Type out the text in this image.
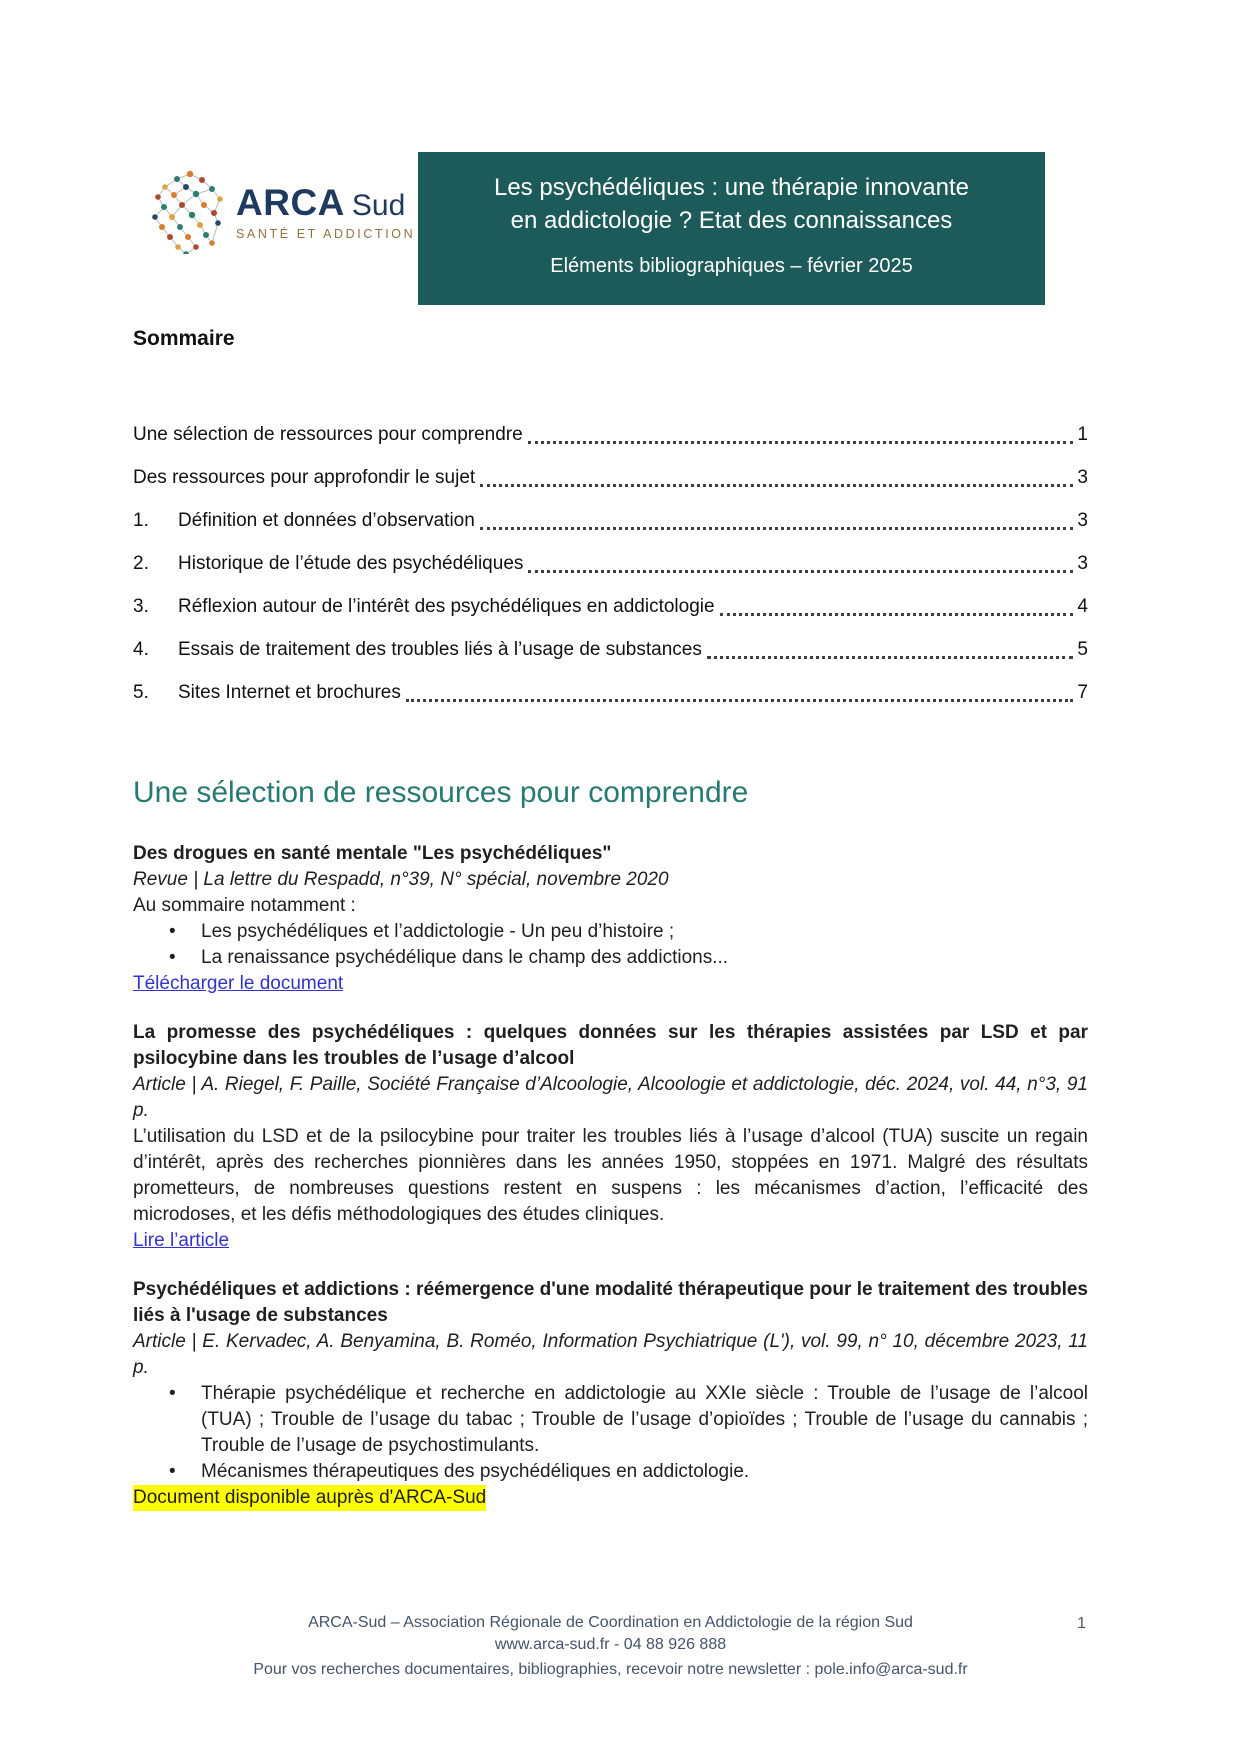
ARCA Sud
SANTÉ ET ADDICTION
Les psychédéliques : une thérapie innovante
en addictologie ? Etat des connaissances
Eléments bibliographiques – février 2025
Sommaire
Une sélection de ressources pour comprendre	1
Des ressources pour approfondir le sujet	3
1.	Définition et données d’observation	3
2.	Historique de l’étude des psychédéliques	3
3.	Réflexion autour de l’intérêt des psychédéliques en addictologie	4
4.	Essais de traitement des troubles liés à l’usage de substances	5
5.	Sites Internet et brochures	7
Une sélection de ressources pour comprendre
Des drogues en santé mentale "Les psychédéliques"
Revue | La lettre du Respadd, n°39, N° spécial, novembre 2020
Au sommaire notamment :
•	Les psychédéliques et l’addictologie - Un peu d’histoire ;
•	La renaissance psychédélique dans le champ des addictions...
Télécharger le document
La promesse des psychédéliques : quelques données sur les thérapies assistées par LSD et par psilocybine dans les troubles de l’usage d’alcool
Article | A. Riegel, F. Paille, Société Française d’Alcoologie, Alcoologie et addictologie, déc. 2024, vol. 44, n°3, 91 p.
L’utilisation du LSD et de la psilocybine pour traiter les troubles liés à l’usage d’alcool (TUA) suscite un regain d’intérêt, après des recherches pionnières dans les années 1950, stoppées en 1971. Malgré des résultats prometteurs, de nombreuses questions restent en suspens : les mécanismes d’action, l’efficacité des microdoses, et les défis méthodologiques des études cliniques.
Lire l’article
Psychédéliques et addictions : réémergence d'une modalité thérapeutique pour le traitement des troubles liés à l'usage de substances
Article | E. Kervadec, A. Benyamina, B. Roméo, Information Psychiatrique (L'), vol. 99, n° 10, décembre 2023, 11 p.
•	Thérapie psychédélique et recherche en addictologie au XXIe siècle : Trouble de l’usage de l’alcool (TUA) ; Trouble de l’usage du tabac ; Trouble de l’usage d’opioïdes ; Trouble de l’usage du cannabis ; Trouble de l’usage de psychostimulants.
•	Mécanismes thérapeutiques des psychédéliques en addictologie.
Document disponible auprès d'ARCA-Sud
ARCA-Sud – Association Régionale de Coordination en Addictologie de la région Sud
www.arca-sud.fr - 04 88 926 888
Pour vos recherches documentaires, bibliographies, recevoir notre newsletter : pole.info@arca-sud.fr
1
